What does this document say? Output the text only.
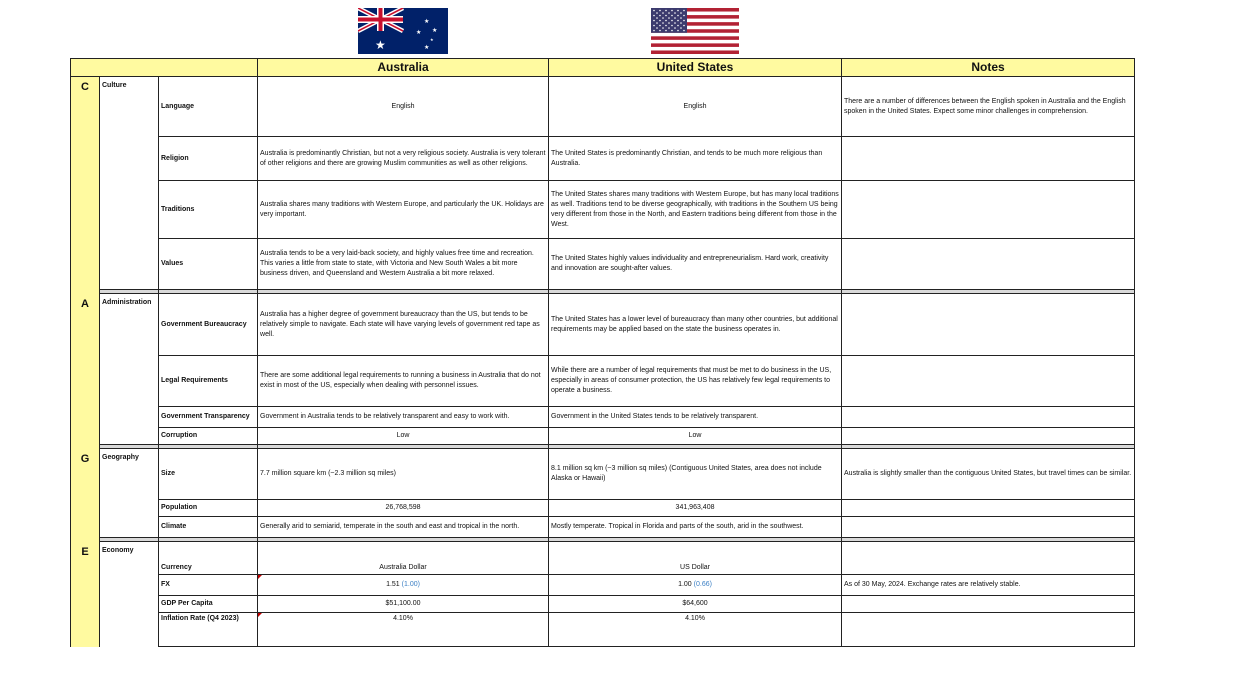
★
★
★
★
★
★
			Australia	United States	Notes
C	Culture	Language	English	English	There are a number of differences between the English spoken in Australia and the English spoken in the United States. Expect some minor challenges in comprehension.
		Religion	Australia is predominantly Christian, but not a very religious society. Australia is very tolerant of other religions and there are growing Muslim communities as well as other religions.	The United States is predominantly Christian, and tends to be much more religious than Australia.	
		Traditions	Australia shares many traditions with Western Europe, and particularly the UK. Holidays are very important.	The United States shares many traditions with Western Europe, but has many local traditions as well. Traditions tend to be diverse geographically, with traditions in the Southern US being very different from those in the North, and Eastern traditions being different from those in the West.	
		Values	Australia tends to be a very laid-back society, and highly values free time and recreation. This varies a little from state to state, with Victoria and New South Wales a bit more business driven, and Queensland and Western Australia a bit more relaxed.	The United States highly values individuality and entrepreneurialism. Hard work, creativity and innovation are sought-after values.	

A	Administration	Government Bureaucracy	Australia has a higher degree of government bureaucracy than the US, but tends to be relatively simple to navigate. Each state will have varying levels of government red tape as well.	The United States has a lower level of bureaucracy than many other countries, but additional requirements may be applied based on the state the business operates in.	
		Legal Requirements	There are some additional legal requirements to running a business in Australia that do not exist in most of the US, especially when dealing with personnel issues.	While there are a number of legal requirements that must be met to do business in the US, especially in areas of consumer protection, the US has relatively few legal requirements to operate a business.	
		Government Transparency	Government in Australia tends to be relatively transparent and easy to work with.	Government in the United States tends to be relatively transparent.	
		Corruption	Low	Low	

G	Geography	Size	7.7 million square km (~2.3 million sq miles)	8.1 million sq km (~3 million sq miles) (Contiguous United States, area does not include Alaska or Hawaii)	Australia is slightly smaller than the contiguous United States, but travel times can be similar.
		Population	26,768,598	341,963,408	
		Climate	Generally arid to semiarid, temperate in the south and east and tropical in the north.	Mostly temperate. Tropical in Florida and parts of the south, arid in the southwest.	

E	Economy	Currency	Australia Dollar	US Dollar	
		FX	1.51 (1.00)	1.00 (0.66)	As of 30 May, 2024. Exchange rates are relatively stable.
		GDP Per Capita	$51,100.00	$64,600	
		Inflation Rate (Q4 2023)	4.10%	4.10%	
